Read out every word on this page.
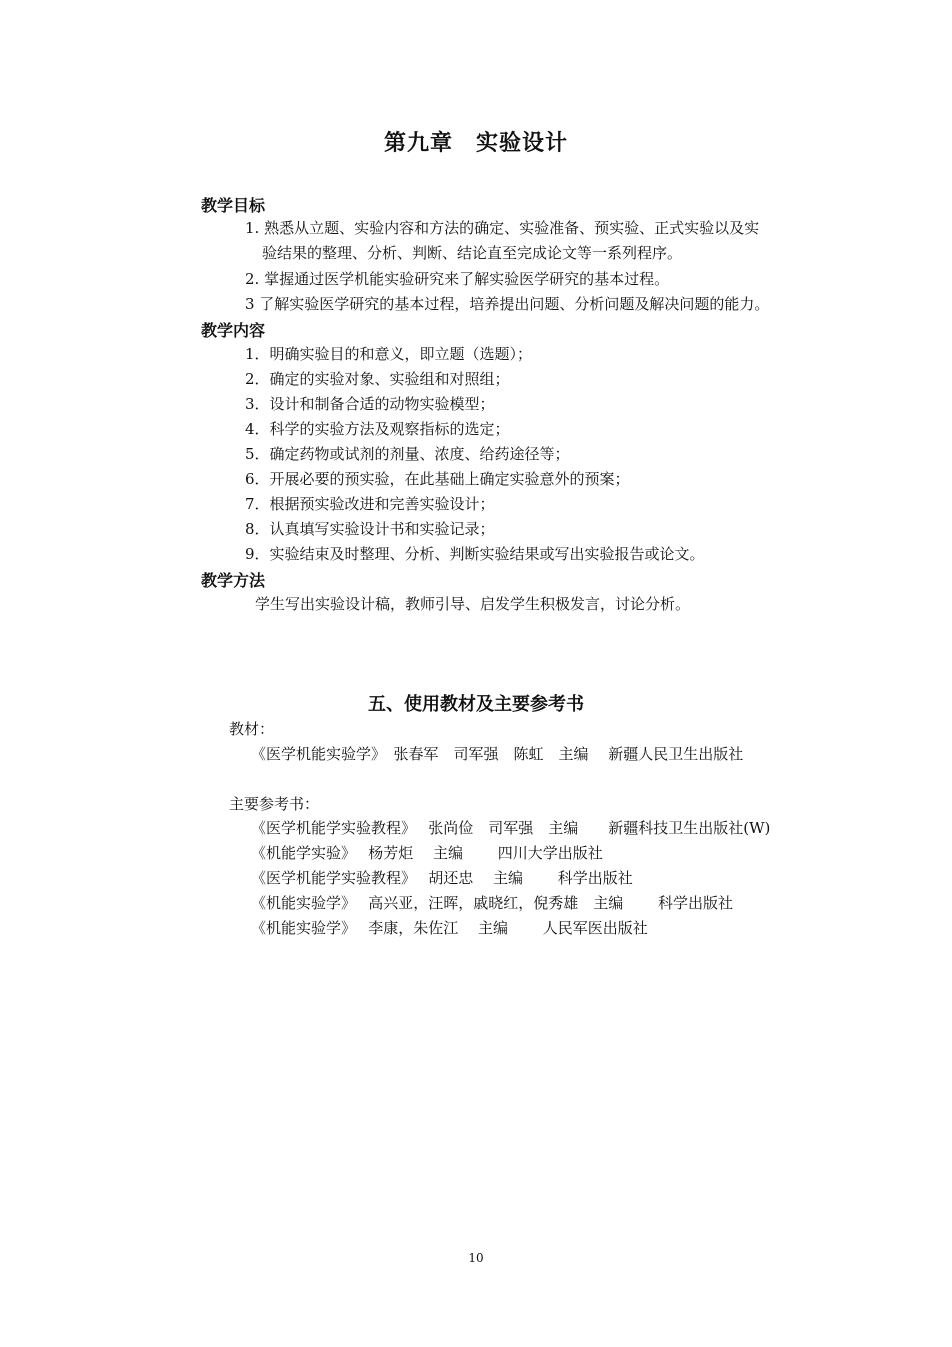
第九章　实验设计
教学目标
1. 熟悉从立题、实验内容和方法的确定、实验准备、预实验、正式实验以及实
验结果的整理、分析、判断、结论直至完成论文等一系列程序。
2. 掌握通过医学机能实验研究来了解实验医学研究的基本过程。
3 了解实验医学研究的基本过程，培养提出问题、分析问题及解决问题的能力。
教学内容
1．明确实验目的和意义，即立题（选题）；
2．确定的实验对象、实验组和对照组；
3．设计和制备合适的动物实验模型；
4．科学的实验方法及观察指标的选定；
5．确定药物或试剂的剂量、浓度、给药途径等；
6．开展必要的预实验，在此基础上确定实验意外的预案；
7．根据预实验改进和完善实验设计；
8．认真填写实验设计书和实验记录；
9．实验结束及时整理、分析、判断实验结果或写出实验报告或论文。
教学方法
学生写出实验设计稿，教师引导、启发学生积极发言，讨论分析。
五、使用教材及主要参考书
教材：
《医学机能实验学》　张春军　司军强　陈虹　主编　 新疆人民卫生出版社
主要参考书：
《医学机能学实验教程》　 张尚俭　司军强　主编　　新疆科技卫生出版社(W)
《机能学实验》　 杨芳炬　 主编　　 四川大学出版社
《医学机能学实验教程》　 胡还忠　 主编　　 科学出版社
《机能实验学》　 高兴亚，汪晖，戚晓红，倪秀雄　主编　　 科学出版社
《机能实验学》　 李康，朱佐江　 主编　　 人民军医出版社
10
